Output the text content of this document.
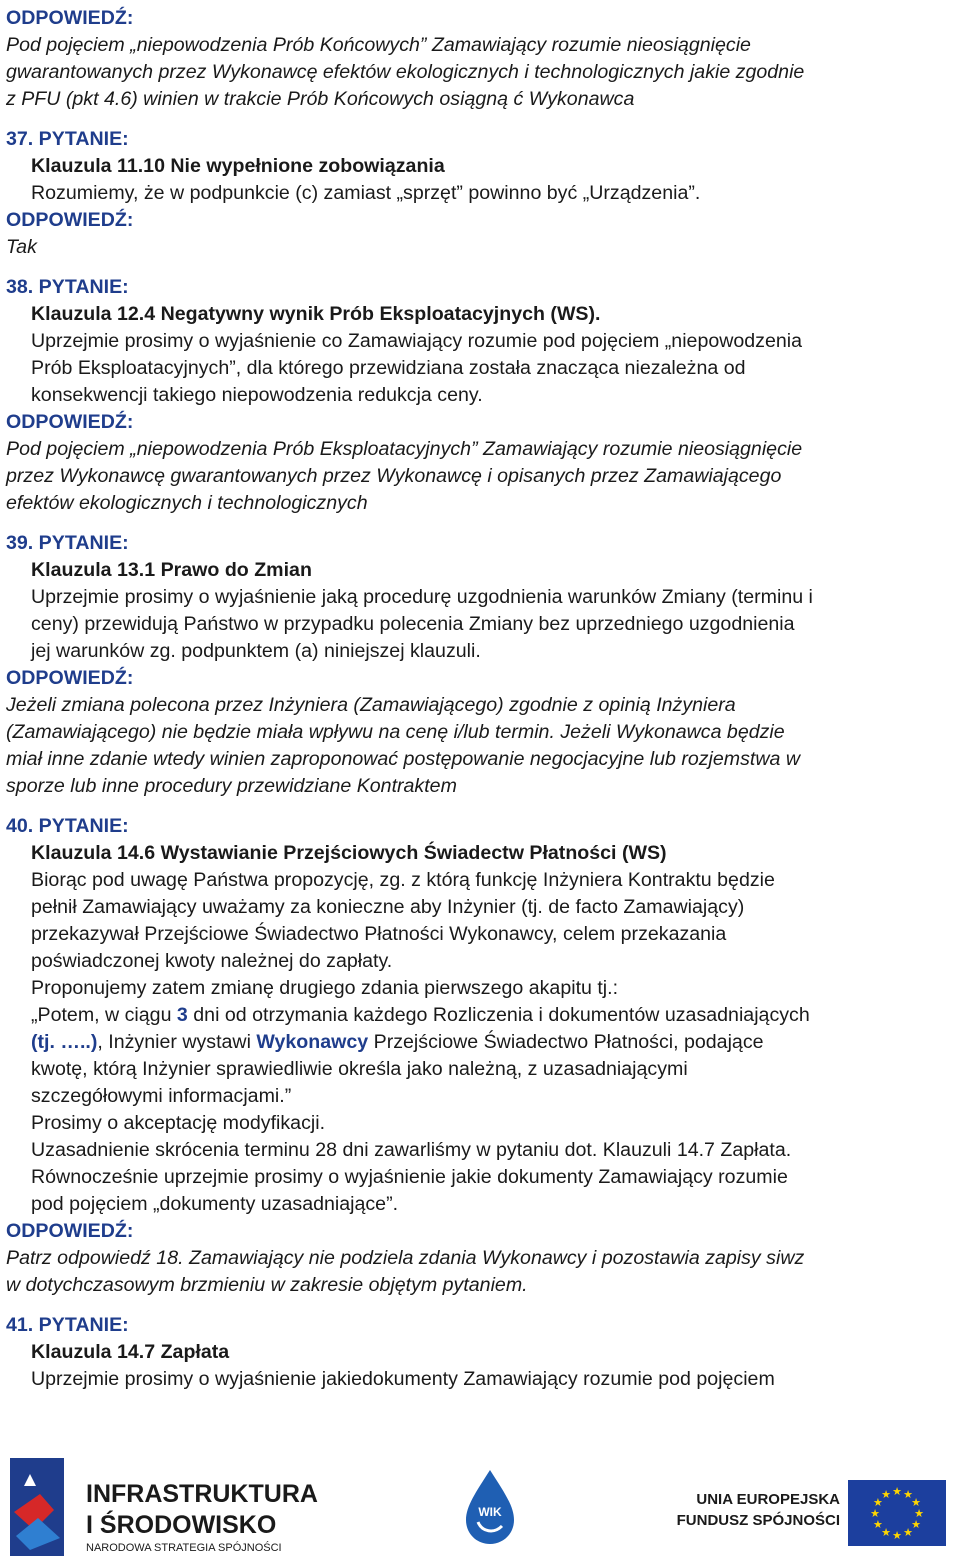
ODPOWIEDŹ:
Pod pojęciem „niepowodzenia Prób Końcowych” Zamawiający rozumie nieosiągnięcie
gwarantowanych przez Wykonawcę efektów ekologicznych i technologicznych jakie zgodnie
z PFU (pkt 4.6) winien w trakcie Prób Końcowych osiągną ć Wykonawca
37. PYTANIE:
Klauzula 11.10 Nie wypełnione zobowiązania
Rozumiemy, że w podpunkcie (c) zamiast „sprzęt” powinno być „Urządzenia”.
ODPOWIEDŹ:
Tak
38. PYTANIE:
Klauzula 12.4 Negatywny wynik Prób Eksploatacyjnych (WS).
Uprzejmie prosimy o wyjaśnienie co Zamawiający rozumie pod pojęciem „niepowodzenia
Prób Eksploatacyjnych”, dla którego przewidziana została znacząca niezależna od
konsekwencji takiego niepowodzenia redukcja ceny.
ODPOWIEDŹ:
Pod pojęciem „niepowodzenia Prób Eksploatacyjnych” Zamawiający rozumie nieosiągnięcie
przez Wykonawcę gwarantowanych przez Wykonawcę i opisanych przez Zamawiającego
efektów ekologicznych i technologicznych
39. PYTANIE:
Klauzula 13.1 Prawo do Zmian
Uprzejmie prosimy o wyjaśnienie jaką procedurę uzgodnienia warunków Zmiany (terminu i
ceny) przewidują Państwo w przypadku polecenia Zmiany bez uprzedniego uzgodnienia
jej warunków zg. podpunktem (a) niniejszej klauzuli.
ODPOWIEDŹ:
Jeżeli zmiana polecona przez Inżyniera (Zamawiającego) zgodnie z opinią Inżyniera
(Zamawiającego) nie będzie miała wpływu na cenę i/lub termin. Jeżeli Wykonawca będzie
miał inne zdanie wtedy winien zaproponować postępowanie negocjacyjne lub rozjemstwa w
sporze lub inne procedury przewidziane Kontraktem
40. PYTANIE:
Klauzula 14.6 Wystawianie Przejściowych Świadectw Płatności (WS)
Biorąc pod uwagę Państwa propozycję, zg. z którą funkcję Inżyniera Kontraktu będzie
pełnił Zamawiający uważamy za konieczne aby Inżynier (tj. de facto Zamawiający)
przekazywał Przejściowe Świadectwo Płatności Wykonawcy, celem przekazania
poświadczonej kwoty należnej do zapłaty.
Proponujemy zatem zmianę drugiego zdania pierwszego akapitu tj.:
„Potem, w ciągu 3 dni od otrzymania każdego Rozliczenia i dokumentów uzasadniających
(tj. …..), Inżynier wystawi Wykonawcy Przejściowe Świadectwo Płatności, podające
kwotę, którą Inżynier sprawiedliwie określa jako należną, z uzasadniającymi
szczegółowymi informacjami.”
Prosimy o akceptację modyfikacji.
Uzasadnienie skrócenia terminu 28 dni zawarliśmy w pytaniu dot. Klauzuli 14.7 Zapłata.
Równocześnie uprzejmie prosimy o wyjaśnienie jakie dokumenty Zamawiający rozumie
pod pojęciem „dokumenty uzasadniające”.
ODPOWIEDŹ:
Patrz odpowiedź 18. Zamawiający nie podziela zdania Wykonawcy i pozostawia zapisy siwz
w dotychczasowym brzmieniu w zakresie objętym pytaniem.
41. PYTANIE:
Klauzula 14.7 Zapłata
Uprzejmie prosimy o wyjaśnienie jakiedokumenty Zamawiający rozumie pod pojęciem
INFRASTRUKTURA
I ŚRODOWISKO
NARODOWA STRATEGIA SPÓJNOŚCI
WIK
UNIA EUROPEJSKA
FUNDUSZ SPÓJNOŚCI	★
★
★
★
★
★
★
★
★ ★ ★
★
